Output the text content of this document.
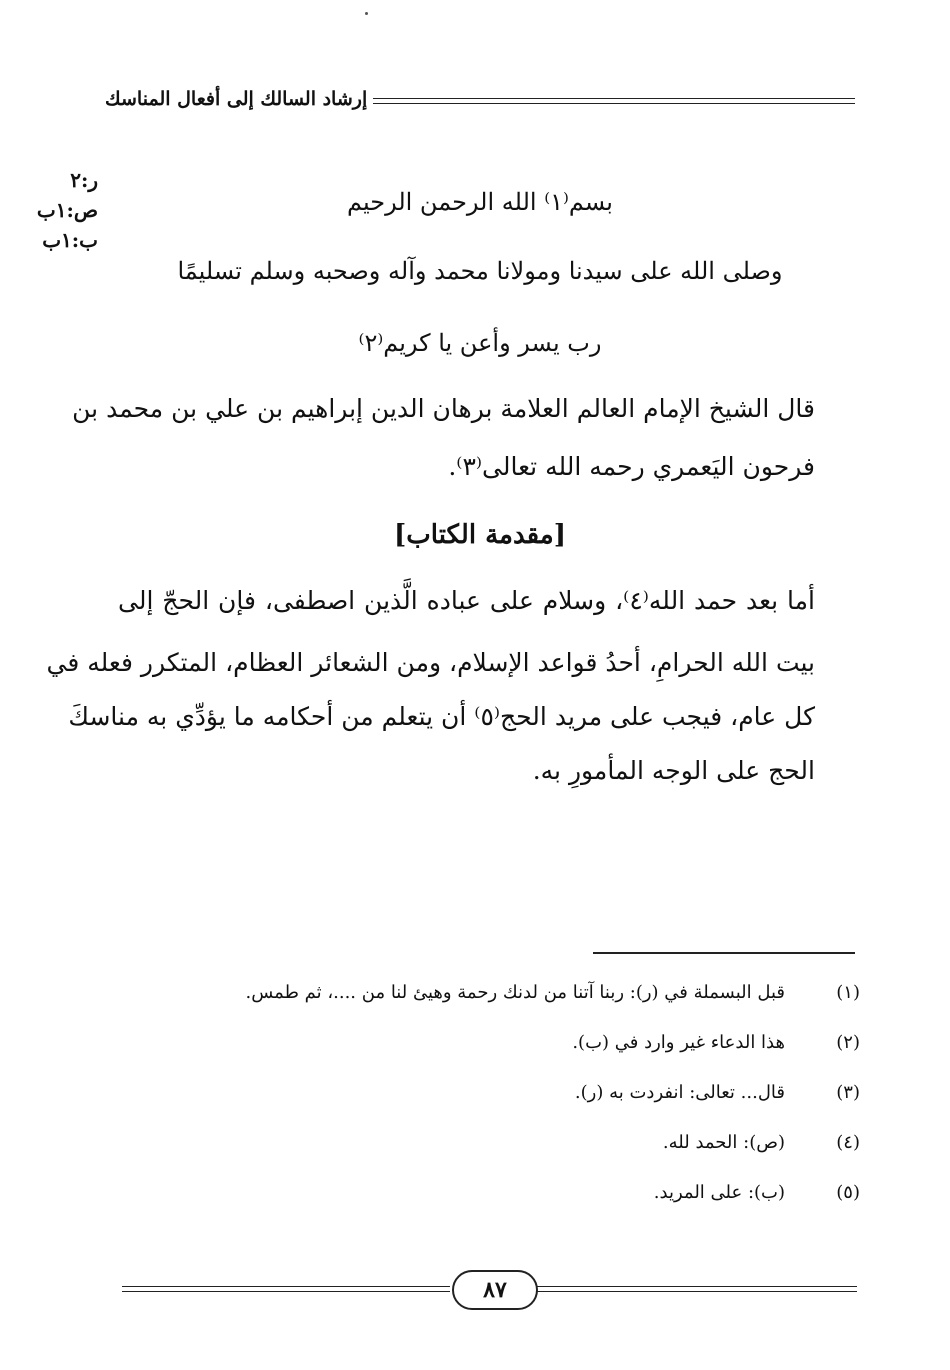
إرشاد السالك إلى أفعال المناسك
ر:٢
ص:١ب
ب:١ب
بسم⁽١⁾ الله الرحمن الرحيم
وصلى الله على سيدنا ومولانا محمد وآله وصحبه وسلم تسليمًا
رب يسر وأعن يا كريم⁽٢⁾
قال الشيخ الإمام العالم العلامة برهان الدين إبراهيم بن علي بن محمد بن
فرحون اليَعمري رحمه الله تعالى⁽٣⁾.
[مقدمة الكتاب]
أما بعد حمد الله⁽٤⁾، وسلام على عباده الَّذين اصطفى، فإن الحجّ إلى
بيت الله الحرامِ، أحدُ قواعد الإسلام، ومن الشعائر العظام، المتكرر فعله في
كل عام، فيجب على مريد الحج⁽٥⁾ أن يتعلم من أحكامه ما يؤدِّي به مناسكَ
الحج على الوجه المأمورِ به.
(١)قبل البسملة في (ر): ربنا آتنا من لدنك رحمة وهيئ لنا من ....، ثم طمس.
(٢)هذا الدعاء غير وارد في (ب).
(٣)قال... تعالى: انفردت به (ر).
(٤)(ص): الحمد لله.
(٥)(ب): على المريد.
٨٧
